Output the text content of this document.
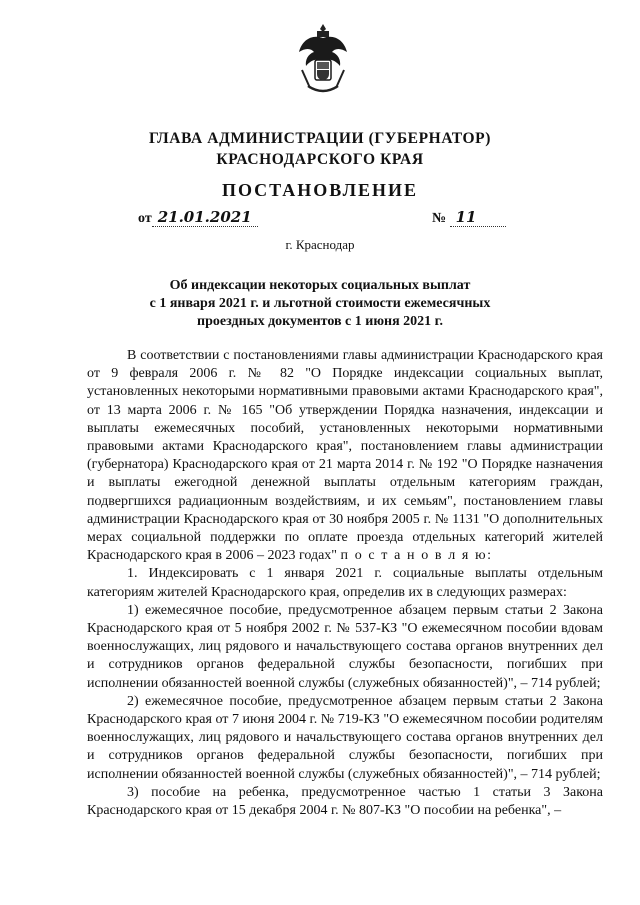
ГЛАВА АДМИНИСТРАЦИИ (ГУБЕРНАТОР)
КРАСНОДАРСКОГО КРАЯ
ПОСТАНОВЛЕНИЕ
от 21.01.2021	№ 11
г. Краснодар
Об индексации некоторых социальных выплат
с 1 января 2021 г. и льготной стоимости ежемесячных
проездных документов с 1 июня 2021 г.

В соответствии с постановлениями главы администрации Краснодарского края от 9 февраля 2006 г. № 82 "О Порядке индексации социальных выплат, установленных некоторыми нормативными правовыми актами Краснодарского края", от 13 марта 2006 г. № 165 "Об утверждении Порядка назначения, индексации и выплаты ежемесячных пособий, установленных некоторыми нормативными правовыми актами Краснодарского края", постановлением главы администрации (губернатора) Краснодарского края от 21 марта 2014 г. № 192 "О Порядке назначения и выплаты ежегодной денежной выплаты отдельным категориям граждан, подвергшихся радиационным воздействиям, и их семьям", постановлением главы администрации Краснодарского края от 30 ноября 2005 г. № 1131 "О дополнительных мерах социальной поддержки по оплате проезда отдельных категорий жителей Краснодарского края в 2006 – 2023 годах" п о с т а н о в л я ю:

1. Индексировать с 1 января 2021 г. социальные выплаты отдельным категориям жителей Краснодарского края, определив их в следующих размерах:

1) ежемесячное пособие, предусмотренное абзацем первым статьи 2 Закона Краснодарского края от 5 ноября 2002 г. № 537-КЗ "О ежемесячном пособии вдовам военнослужащих, лиц рядового и начальствующего состава органов внутренних дел и сотрудников органов федеральной службы безопасности, погибших при исполнении обязанностей военной службы (служебных обязанностей)", – 714 рублей;

2) ежемесячное пособие, предусмотренное абзацем первым статьи 2 Закона Краснодарского края от 7 июня 2004 г. № 719-КЗ "О ежемесячном пособии родителям военнослужащих, лиц рядового и начальствующего состава органов внутренних дел и сотрудников органов федеральной службы безопасности, погибших при исполнении обязанностей военной службы (служебных обязанностей)", – 714 рублей;

3) пособие на ребенка, предусмотренное частью 1 статьи 3 Закона Краснодарского края от 15 декабря 2004 г. № 807-КЗ "О пособии на ребенка", –
